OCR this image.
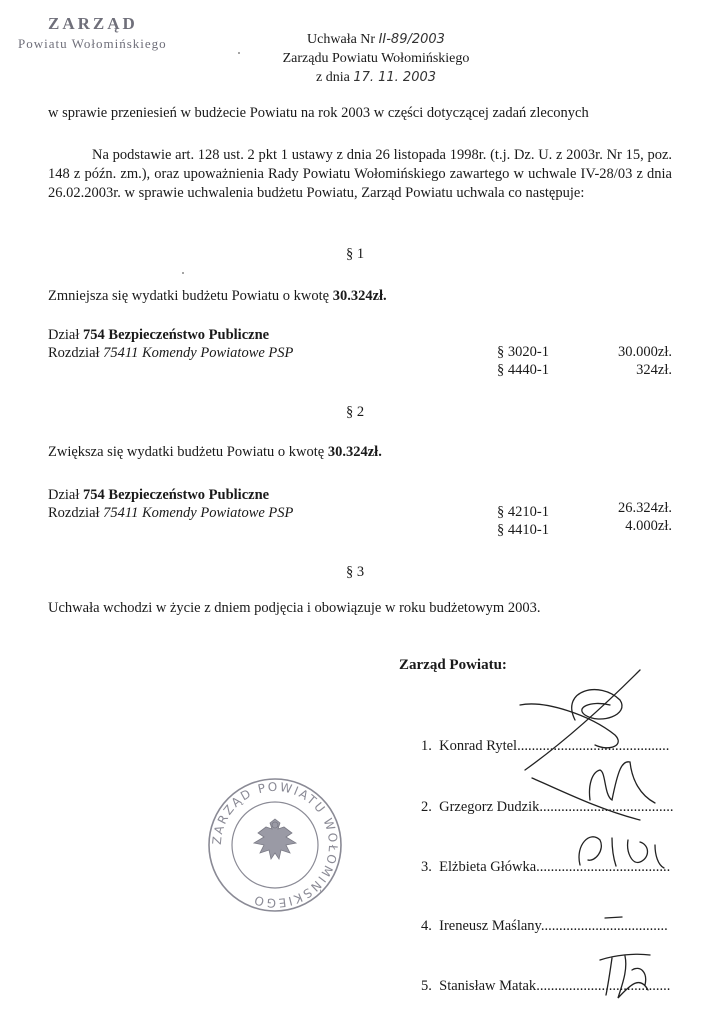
ZARZĄD
Powiatu Wołomińskiego	Uchwała Nr II-89/2003
Zarządu Powiatu Wołomińskiego
z dnia 17. 11. 2003
w sprawie przeniesień w budżecie Powiatu na rok 2003 w części dotyczącej zadań zleconych
Na podstawie art. 128 ust. 2 pkt 1 ustawy z dnia 26 listopada 1998r. (t.j. Dz. U. z 2003r. Nr 15, poz. 148 z późn. zm.), oraz upoważnienia Rady Powiatu Wołomińskiego zawartego w uchwale IV-28/03 z dnia 26.02.2003r. w sprawie uchwalenia budżetu Powiatu, Zarząd Powiatu uchwala co następuje:
§ 1
Zmniejsza się wydatki budżetu Powiatu o kwotę 30.324zł.
Dział 754 Bezpieczeństwo Publiczne
Rozdział 75411 Komendy Powiatowe PSP	§ 3020-1	30.000zł.
§ 4440-1	324zł.
§ 2
Zwiększa się wydatki budżetu Powiatu o kwotę 30.324zł.
Dział 754 Bezpieczeństwo Publiczne
Rozdział 75411 Komendy Powiatowe PSP	§ 4210-1	26.324zł.
§ 4410-1	4.000zł.
§ 3
Uchwała wchodzi w życie z dniem podjęcia i obowiązuje w roku budżetowym 2003.
Zarząd Powiatu:
1. Konrad Rytel..........................................
2. Grzegorz Dudzik.....................................
3. Elżbieta Główka.....................................
4. Ireneusz Maślany...................................
5. Stanisław Matak.....................................
ZARZĄD POWIATU WOŁOMIŃSKIEGO
